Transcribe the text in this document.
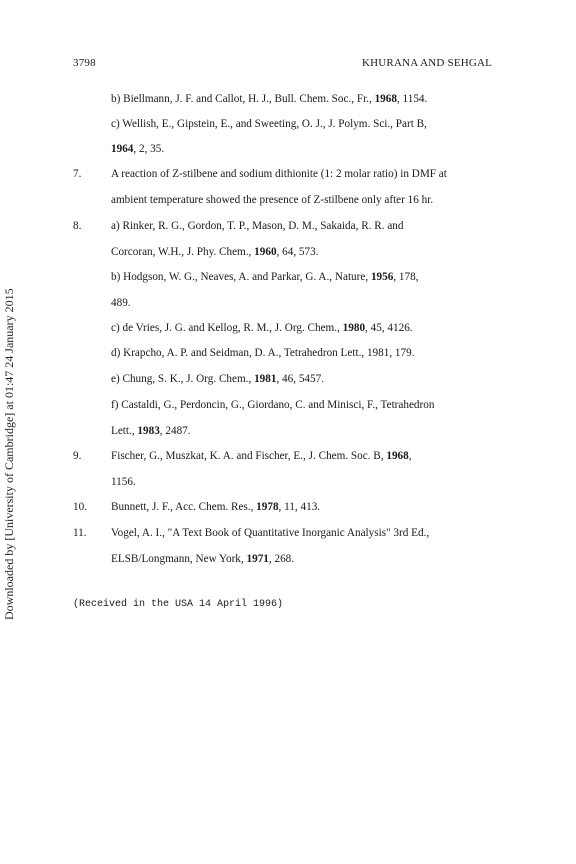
Downloaded by [University of Cambridge] at 01:47 24 January 2015
3798	KHURANA AND SEHGAL
b) Biellmann, J. F. and Callot, H. J., Bull. Chem. Soc., Fr., 1968, 1154.
c) Wellish, E., Gipstein, E., and Sweeting, O. J., J. Polym. Sci., Part B,
1964, 2, 35.
7.	A reaction of Z-stilbene and sodium dithionite (1: 2 molar ratio) in DMF at
ambient temperature showed the presence of Z-stilbene only after 16 hr.
8.	a) Rinker, R. G., Gordon, T. P., Mason, D. M., Sakaida, R. R. and
Corcoran, W.H., J. Phy. Chem., 1960, 64, 573.
b) Hodgson, W. G., Neaves, A. and Parkar, G. A., Nature, 1956, 178,
489.
c) de Vries, J. G. and Kellog, R. M., J. Org. Chem., 1980, 45, 4126.
d) Krapcho, A. P. and Seidman, D. A., Tetrahedron Lett., 1981, 179.
e) Chung, S. K., J. Org. Chem., 1981, 46, 5457.
f) Castaldi, G., Perdoncin, G., Giordano, C. and Minisci, F., Tetrahedron
Lett., 1983, 2487.
9.	Fischer, G., Muszkat, K. A. and Fischer, E., J. Chem. Soc. B, 1968,
1156.
10. Bunnett, J. F., Acc. Chem. Res., 1978, 11, 413.
11. Vogel, A. I., "A Text Book of Quantitative Inorganic Analysis" 3rd Ed.,
ELSB/Longmann, New York, 1971, 268.
(Received in the USA 14 April 1996)
